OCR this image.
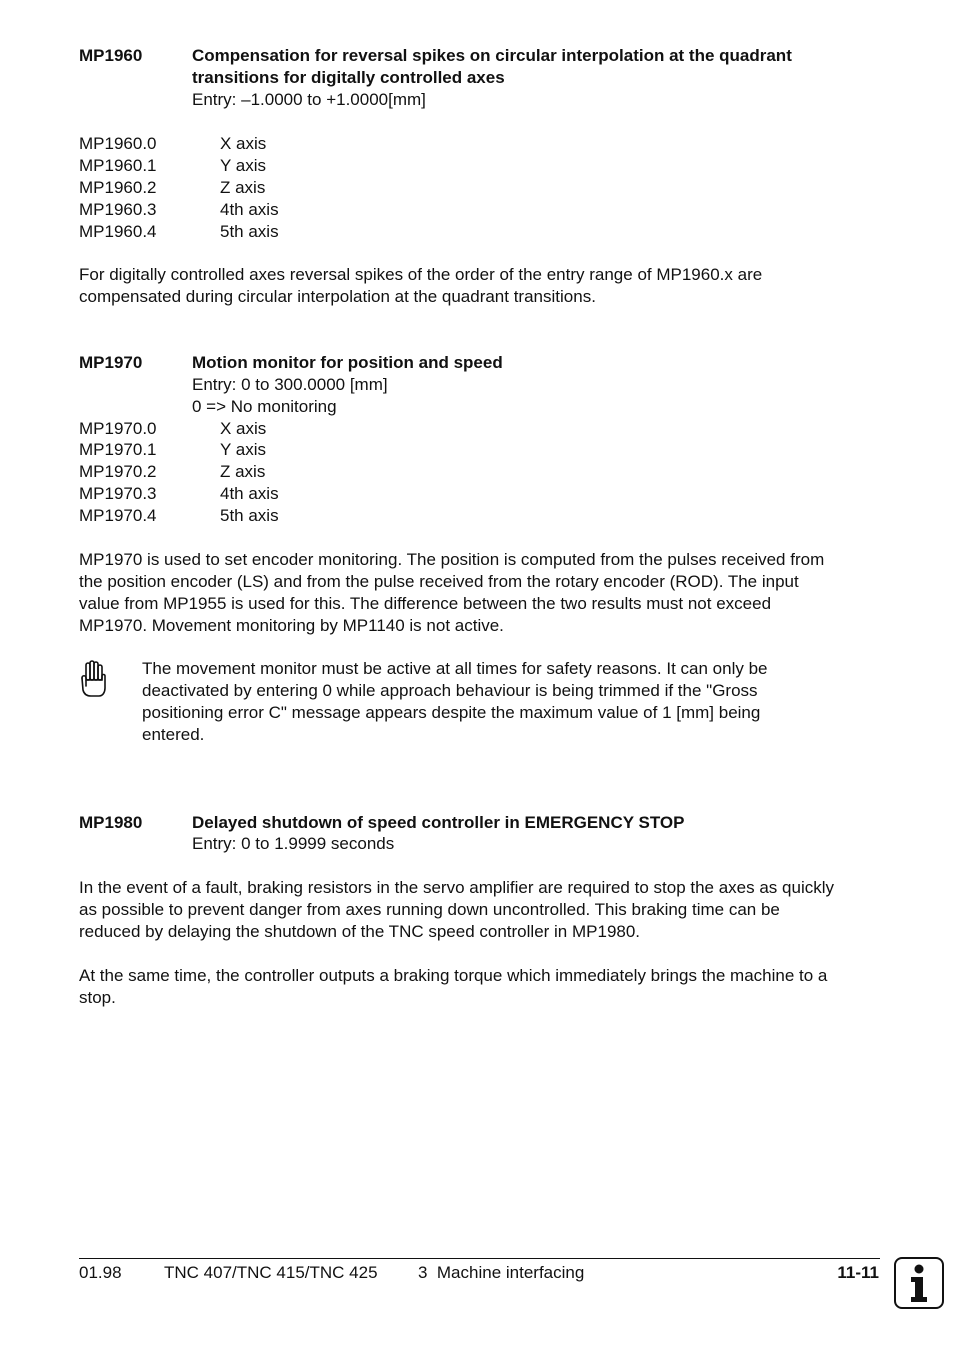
MP1960	Compensation for reversal spikes on circular interpolation at the quadrant
transitions for digitally controlled axes
Entry: –1.0000 to +1.0000[mm]
MP1960.0	X axis
MP1960.1	Y axis
MP1960.2	Z axis
MP1960.3	4th axis
MP1960.4	5th axis
For digitally controlled axes reversal spikes of the order of the entry range of MP1960.x are
compensated during circular interpolation at the quadrant transitions.
MP1970	Motion monitor for position and speed
Entry: 0 to 300.0000 [mm]
0 => No monitoring
MP1970.0	X axis
MP1970.1	Y axis
MP1970.2	Z axis
MP1970.3	4th axis
MP1970.4	5th axis
MP1970 is used to set encoder monitoring. The position is computed from the pulses received from
the position encoder (LS) and from the pulse received from the rotary encoder (ROD). The input
value from MP1955 is used for this. The difference between the two results must not exceed
MP1970. Movement monitoring by MP1140 is not active.
The movement monitor must be active at all times for safety reasons. It can only be
deactivated by entering 0 while approach behaviour is being trimmed if the "Gross
positioning error C" message appears despite the maximum value of 1 [mm] being
entered.
MP1980	Delayed shutdown of speed controller in EMERGENCY STOP
Entry: 0 to 1.9999 seconds
In the event of a fault, braking resistors in the servo amplifier are required to stop the axes as quickly
as possible to prevent danger from axes running down uncontrolled. This braking time can be
reduced by delaying the shutdown of the TNC speed controller in MP1980.
At the same time, the controller outputs a braking torque which immediately brings the machine to a
stop.
01.98 TNC 407/TNC 415/TNC 425 3  Machine interfacing	11-11
